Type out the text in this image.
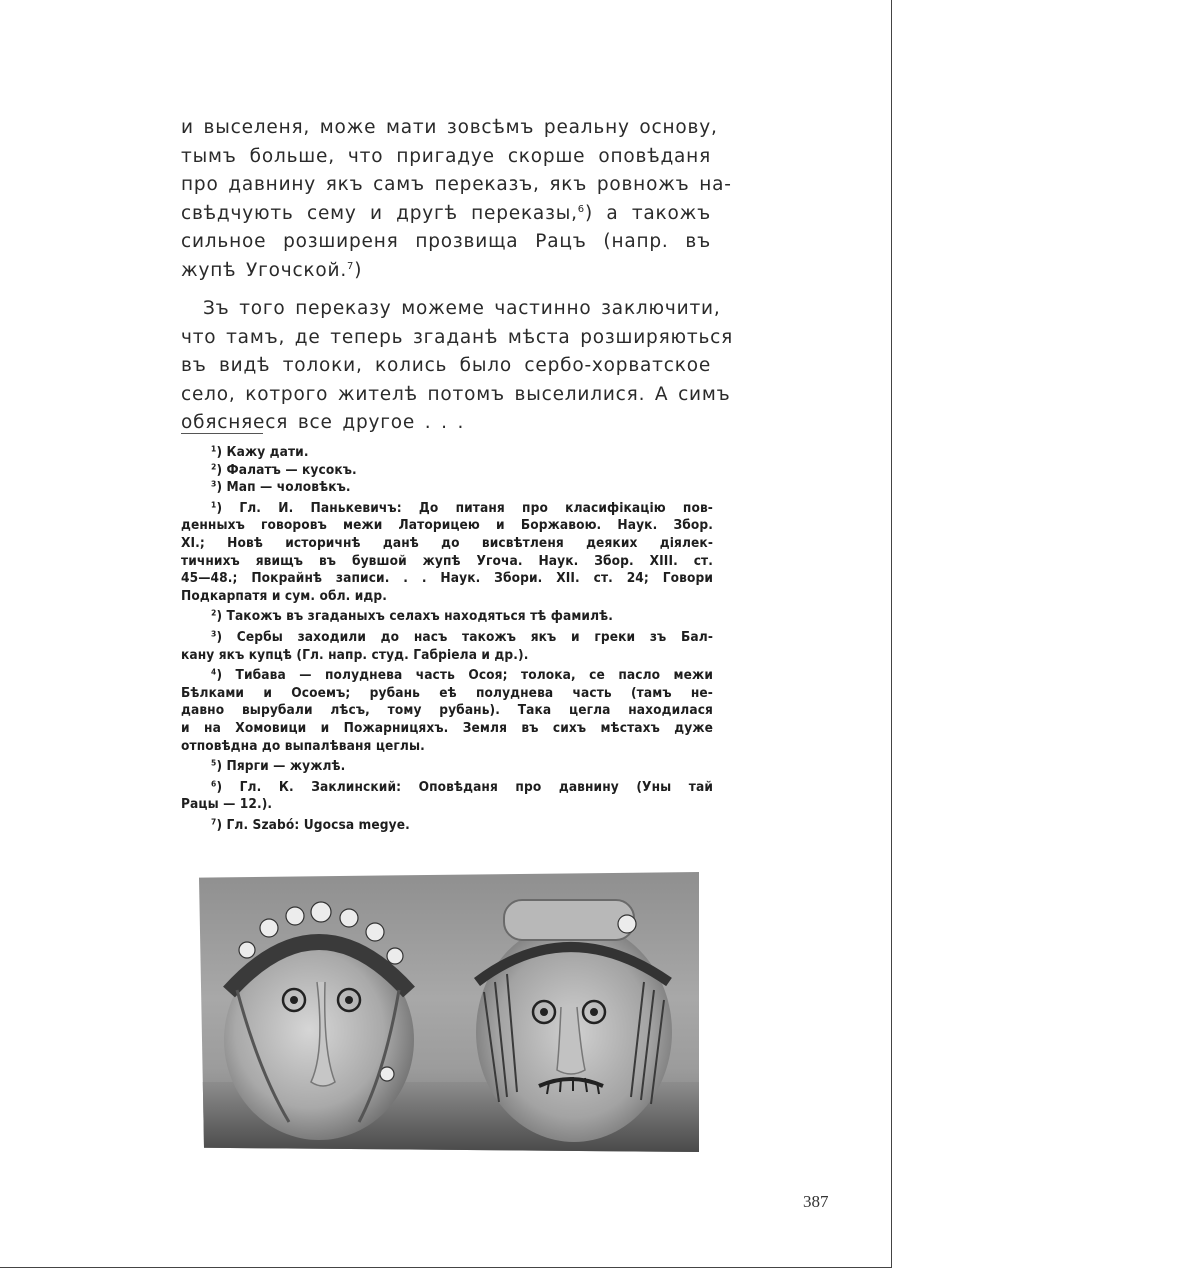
и выселеня, може мати зовсѣмъ реальну основу,
тымъ больше, что пригадуе скорше оповѣданя
про давнину якъ самъ переказъ, якъ ровножъ на-
свѣдчують сему и другѣ переказы,$^6$) а такожъ
сильное розширеня прозвища Рацъ (напр. въ
жупѣ Угочской.$^7$)
Зъ того переказу можеме частинно заключити,
что тамъ, де теперь згаданѣ мѣста розширяються
въ видѣ толоки, колись было сербо-хорватское
село, котрого жителѣ потомъ выселилися. А симъ
обясняеся все другое . . .
¹) Кажу дати.
²) Фалатъ — кусокъ.
³) Мап — чоловѣкъ.
¹) Гл. И. Панькевичъ: До питаня про класифікацію пов-
денныхъ говоровъ межи Латорицею и Боржавою. Наук. Збор.
XI.; Новѣ историчнѣ данѣ до висвѣтленя деяких діялек-
тичнихъ явищъ въ бувшой жупѣ Угоча. Наук. Збор. XIII. ст.
45—48.; Покрайнѣ записи. . . Наук. Збори. XII. ст. 24; Говори
Подкарпатя и сум. обл. идр.
²) Такожъ въ згаданыхъ селахъ находяться тѣ фамилѣ.
³) Сербы заходили до насъ такожъ якъ и греки зъ Бал-
кану якъ купцѣ (Гл. напр. студ. Габріела и др.).
⁴) Тибава — полуднева часть Осоя; толока, се пасло межи
Бѣлками и Осоемъ; рубань еѣ полуднева часть (тамъ не-
давно вырубали лѣсъ, тому рубань). Така цегла находилася
и на Хомовици и Пожарницяхъ. Земля въ сихъ мѣстахъ дуже
отповѣдна до выпалѣваня цеглы.
⁵) Пярги — жужлѣ.
⁶) Гл. К. Заклинский: Оповѣданя про давнину (Уны тай
Рацы — 12.).
⁷) Гл. Szabó: Ugocsa megye.
387
